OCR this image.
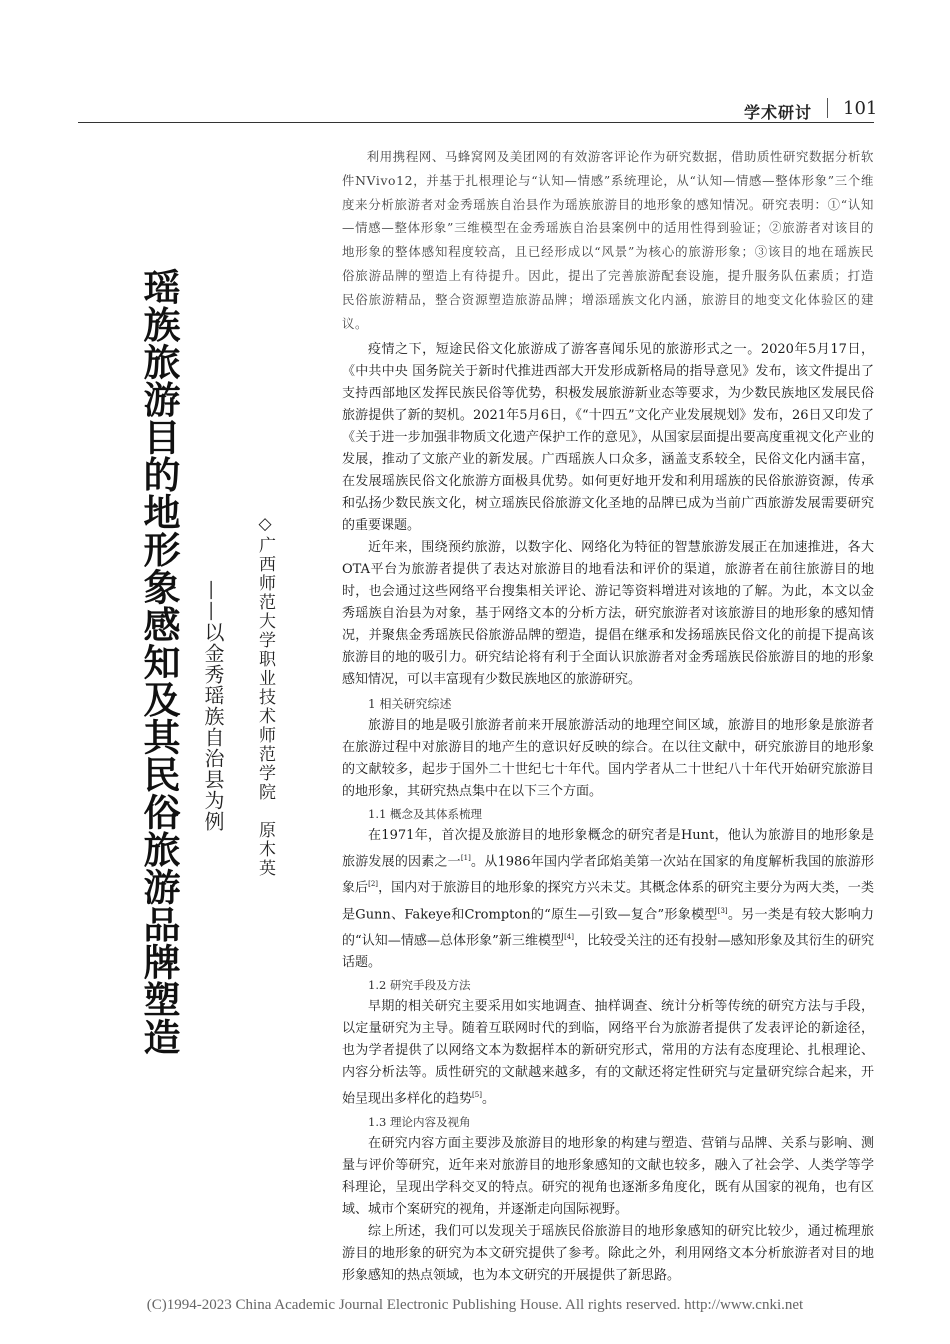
学术研讨 101
瑶族旅游目的地形象感知及其民俗旅游品牌塑造 ——以金秀瑶族自治县为例 ◇广西师范大学职业技术师范学院　原木英
利用携程网、马蜂窝网及美团网的有效游客评论作为研究数据，借助质性研究数据分析软件NVivo12，并基于扎根理论与“认知—情感”系统理论，从“认知—情感—整体形象”三个维度来分析旅游者对金秀瑶族自治县作为瑶族旅游目的地形象的感知情况。研究表明：①“认知—情感—整体形象”三维模型在金秀瑶族自治县案例中的适用性得到验证；②旅游者对该目的地形象的整体感知程度较高，且已经形成以“风景”为核心的旅游形象；③该目的地在瑶族民俗旅游品牌的塑造上有待提升。因此，提出了完善旅游配套设施，提升服务队伍素质；打造民俗旅游精品，整合资源塑造旅游品牌；增添瑶族文化内涵，旅游目的地变文化体验区的建议。

疫情之下，短途民俗文化旅游成了游客喜闻乐见的旅游形式之一。2020年5月17日，《中共中央 国务院关于新时代推进西部大开发形成新格局的指导意见》发布，该文件提出了支持西部地区发挥民族民俗等优势，积极发展旅游新业态等要求，为少数民族地区发展民俗旅游提供了新的契机。2021年5月6日，《“十四五”文化产业发展规划》发布，26日又印发了《关于进一步加强非物质文化遗产保护工作的意见》，从国家层面提出要高度重视文化产业的发展，推动了文旅产业的新发展。广西瑶族人口众多，涵盖支系较全，民俗文化内涵丰富，在发展瑶族民俗文化旅游方面极具优势。如何更好地开发和利用瑶族的民俗旅游资源，传承和弘扬少数民族文化，树立瑶族民俗旅游文化圣地的品牌已成为当前广西旅游发展需要研究的重要课题。

近年来，围绕预约旅游，以数字化、网络化为特征的智慧旅游发展正在加速推进，各大OTA平台为旅游者提供了表达对旅游目的地看法和评价的渠道，旅游者在前往旅游目的地时，也会通过这些网络平台搜集相关评论、游记等资料增进对该地的了解。为此，本文以金秀瑶族自治县为对象，基于网络文本的分析方法，研究旅游者对该旅游目的地形象的感知情况，并聚焦金秀瑶族民俗旅游品牌的塑造，提倡在继承和发扬瑶族民俗文化的前提下提高该旅游目的地的吸引力。研究结论将有利于全面认识旅游者对金秀瑶族民俗旅游目的地的形象感知情况，可以丰富现有少数民族地区的旅游研究。

1 相关研究综述

旅游目的地是吸引旅游者前来开展旅游活动的地理空间区域，旅游目的地形象是旅游者在旅游过程中对旅游目的地产生的意识好反映的综合。在以往文献中，研究旅游目的地形象的文献较多，起步于国外二十世纪七十年代。国内学者从二十世纪八十年代开始研究旅游目的地形象，其研究热点集中在以下三个方面。

1.1 概念及其体系梳理

在1971年，首次提及旅游目的地形象概念的研究者是Hunt，他认为旅游目的地形象是旅游发展的因素之一[1]。从1986年国内学者邱焰美第一次站在国家的角度解析我国的旅游形象后[2]，国内对于旅游目的地形象的探究方兴未艾。其概念体系的研究主要分为两大类，一类是Gunn、Fakeye和Crompton的“原生—引致—复合”形象模型[3]。另一类是有较大影响力的“认知—情感—总体形象”新三维模型[4]，比较受关注的还有投射—感知形象及其衍生的研究话题。

1.2 研究手段及方法

早期的相关研究主要采用如实地调查、抽样调查、统计分析等传统的研究方法与手段，以定量研究为主导。随着互联网时代的到临，网络平台为旅游者提供了发表评论的新途径，也为学者提供了以网络文本为数据样本的新研究形式，常用的方法有态度理论、扎根理论、内容分析法等。质性研究的文献越来越多，有的文献还将定性研究与定量研究综合起来，开始呈现出多样化的趋势[5]。

1.3 理论内容及视角

在研究内容方面主要涉及旅游目的地形象的构建与塑造、营销与品牌、关系与影响、测量与评价等研究，近年来对旅游目的地形象感知的文献也较多，融入了社会学、人类学等学科理论，呈现出学科交叉的特点。研究的视角也逐渐多角度化，既有从国家的视角，也有区域、城市个案研究的视角，并逐渐走向国际视野。

综上所述，我们可以发现关于瑶族民俗旅游目的地形象感知的研究比较少，通过梳理旅游目的地形象的研究为本文研究提供了参考。除此之外，利用网络文本分析旅游者对目的地形象感知的热点领域，也为本文研究的开展提供了新思路。

(C)1994-2023 China Academic Journal Electronic Publishing House. All rights reserved. http://www.cnki.net
